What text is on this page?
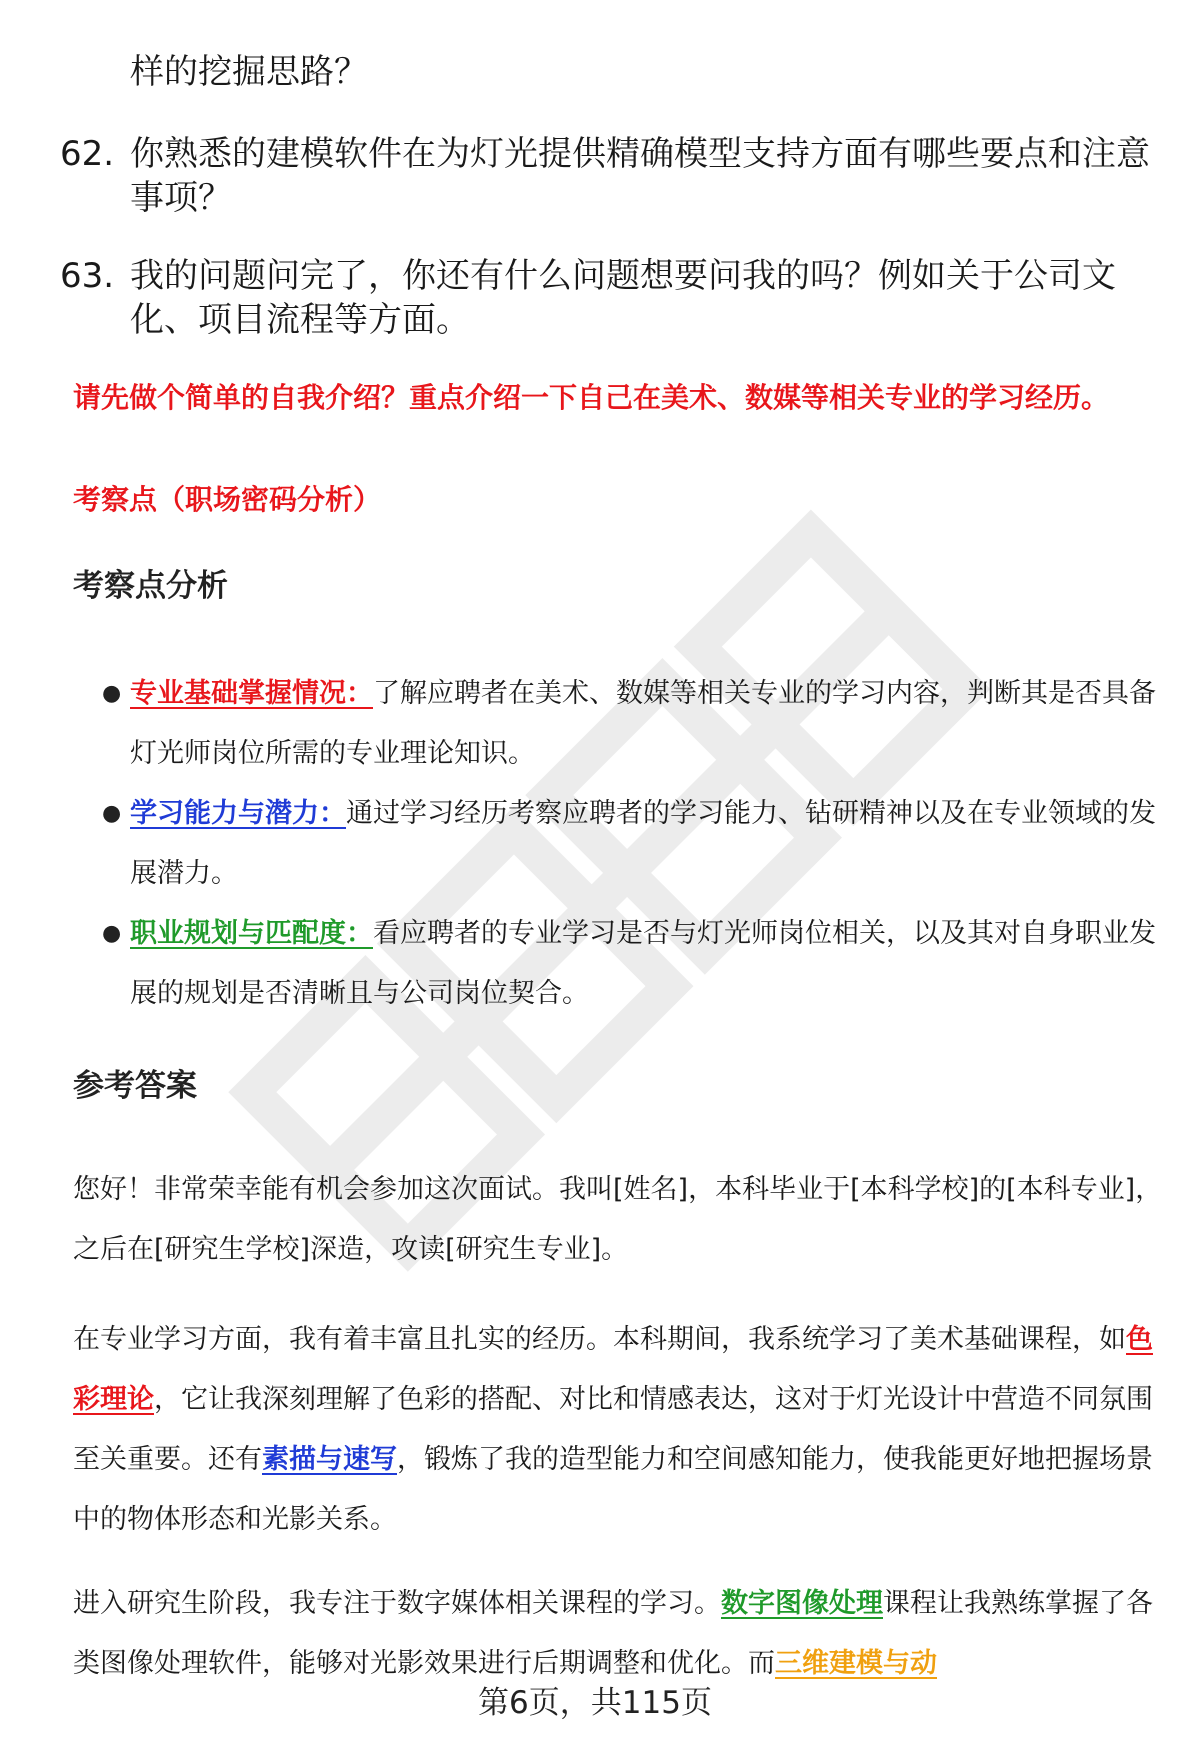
样的挖掘思路？
62. 你熟悉的建模软件在为灯光提供精确模型支持方面有哪些要点和注意事项？
63. 我的问题问完了，你还有什么问题想要问我的吗？例如关于公司文化、项目流程等方面。
请先做个简单的自我介绍？重点介绍一下自己在美术、数媒等相关专业的学习经历。
考察点（职场密码分析）
考察点分析
● 专业基础掌握情况：了解应聘者在美术、数媒等相关专业的学习内容，判断其是否具备灯光师岗位所需的专业理论知识。
● 学习能力与潜力：通过学习经历考察应聘者的学习能力、钻研精神以及在专业领域的发展潜力。
● 职业规划与匹配度：看应聘者的专业学习是否与灯光师岗位相关，以及其对自身职业发展的规划是否清晰且与公司岗位契合。
参考答案
您好！非常荣幸能有机会参加这次面试。我叫[姓名]，本科毕业于[本科学校]的[本科专业]，之后在[研究生学校]深造，攻读[研究生专业]。
在专业学习方面，我有着丰富且扎实的经历。本科期间，我系统学习了美术基础课程，如色彩理论，它让我深刻理解了色彩的搭配、对比和情感表达，这对于灯光设计中营造不同氛围至关重要。还有素描与速写，锻炼了我的造型能力和空间感知能力，使我能更好地把握场景中的物体形态和光影关系。
进入研究生阶段，我专注于数字媒体相关课程的学习。数字图像处理课程让我熟练掌握了各类图像处理软件，能够对光影效果进行后期调整和优化。而三维建模与动
第6页，共115页
